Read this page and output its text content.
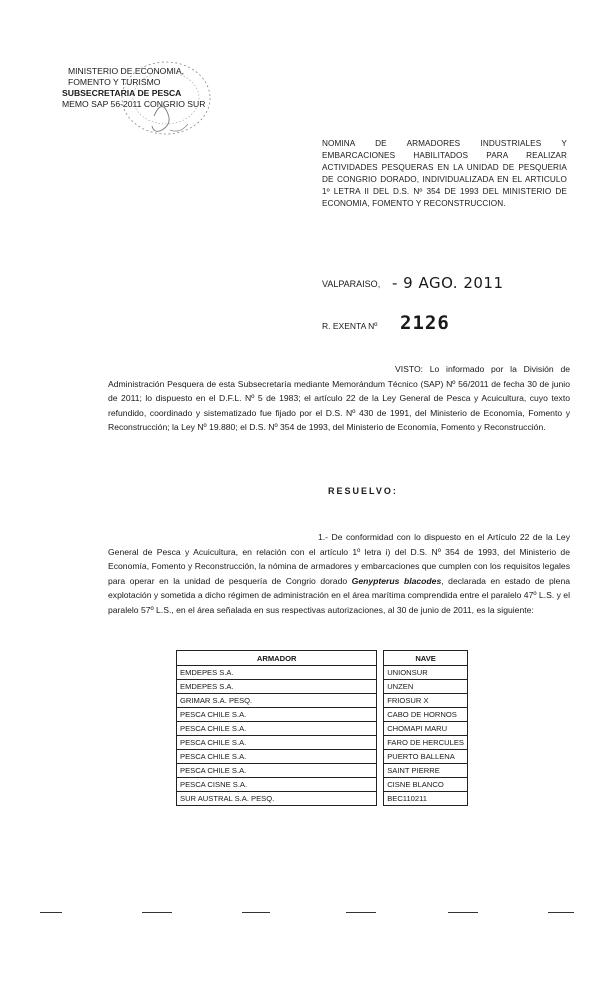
MINISTERIO DE ECONOMIA,
FOMENTO Y TURISMO
SUBSECRETARIA DE PESCA
MEMO SAP 56-2011 CONGRIO SUR
NOMINA DE ARMADORES INDUSTRIALES Y EMBARCACIONES HABILITADOS PARA REALIZAR ACTIVIDADES PESQUERAS EN LA UNIDAD DE PESQUERIA DE CONGRIO DORADO, INDIVIDUALIZADA EN EL ARTICULO 1º LETRA II DEL D.S. Nº 354 DE 1993 DEL MINISTERIO DE ECONOMIA, FOMENTO Y RECONSTRUCCION.
VALPARAISO, - 9 AGO. 2011
R. EXENTA Nº 2126
VISTO: Lo informado por la División de Administración Pesquera de esta Subsecretaría mediante Memorándum Técnico (SAP) Nº 56/2011 de fecha 30 de junio de 2011; lo dispuesto en el D.F.L. Nº 5 de 1983; el artículo 22 de la Ley General de Pesca y Acuicultura, cuyo texto refundido, coordinado y sistematizado fue fijado por el D.S. Nº 430 de 1991, del Ministerio de Economía, Fomento y Reconstrucción; la Ley Nº 19.880; el D.S. Nº 354 de 1993, del Ministerio de Economía, Fomento y Reconstrucción.
RESUELVO:
1.- De conformidad con lo dispuesto en el Artículo 22 de la Ley General de Pesca y Acuicultura, en relación con el artículo 1º letra i) del D.S. Nº 354 de 1993, del Ministerio de Economía, Fomento y Reconstrucción, la nómina de armadores y embarcaciones que cumplen con los requisitos legales para operar en la unidad de pesquería de Congrio dorado Genypterus blacodes, declarada en estado de plena explotación y sometida a dicho régimen de administración en el área marítima comprendida entre el paralelo 47º L.S. y el paralelo 57º L.S., en el área señalada en sus respectivas autorizaciones, al 30 de junio de 2011, es la siguiente:
ARMADOR		NAVE
EMDEPES S.A.		UNIONSUR
EMDEPES S.A.		UNZEN
GRIMAR S.A. PESQ.		FRIOSUR X
PESCA CHILE S.A.		CABO DE HORNOS
PESCA CHILE S.A.		CHOMAPI MARU
PESCA CHILE S.A.		FARO DE HERCULES
PESCA CHILE S.A.		PUERTO BALLENA
PESCA CHILE S.A.		SAINT PIERRE
PESCA CISNE S.A.		CISNE BLANCO
SUR AUSTRAL S.A. PESQ.		BEC110211
